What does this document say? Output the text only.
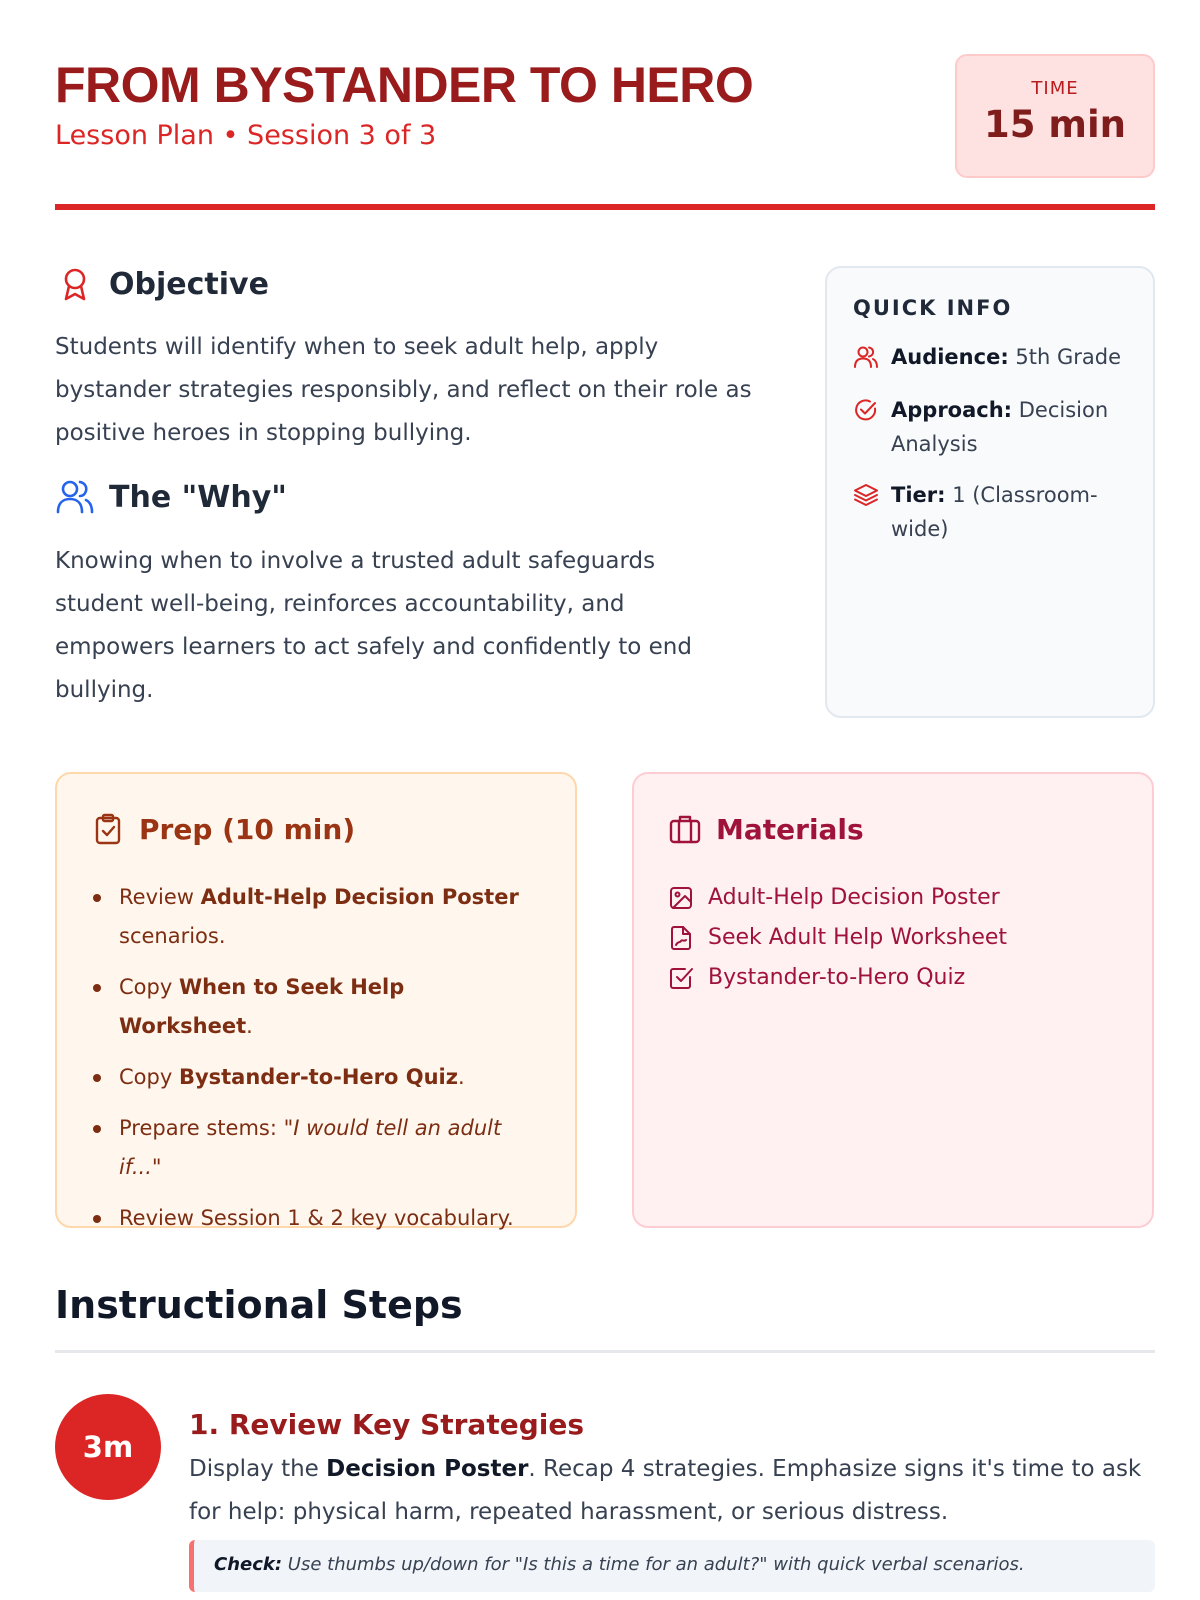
FROM BYSTANDER TO HERO
Lesson Plan • Session 3 of 3
TIME
15 min
Objective
Students will identify when to seek adult help, apply bystander strategies responsibly, and reflect on their role as positive heroes in stopping bullying.
The "Why"
Knowing when to involve a trusted adult safeguards student well-being, reinforces accountability, and empowers learners to act safely and confidently to end bullying.
QUICK INFO
Audience: 5th Grade
Approach: Decision Analysis
Tier: 1 (Classroom-wide)
Prep (10 min)
Review Adult-Help Decision Poster scenarios.
Copy When to Seek Help Worksheet.
Copy Bystander-to-Hero Quiz.
Prepare stems: "I would tell an adult if..."
Review Session 1 & 2 key vocabulary.
Materials
Adult-Help Decision Poster
Seek Adult Help Worksheet
Bystander-to-Hero Quiz
Instructional Steps
3m
1. Review Key Strategies
Display the Decision Poster. Recap 4 strategies. Emphasize signs it's time to ask for help: physical harm, repeated harassment, or serious distress.
Check: Use thumbs up/down for "Is this a time for an adult?" with quick verbal scenarios.
